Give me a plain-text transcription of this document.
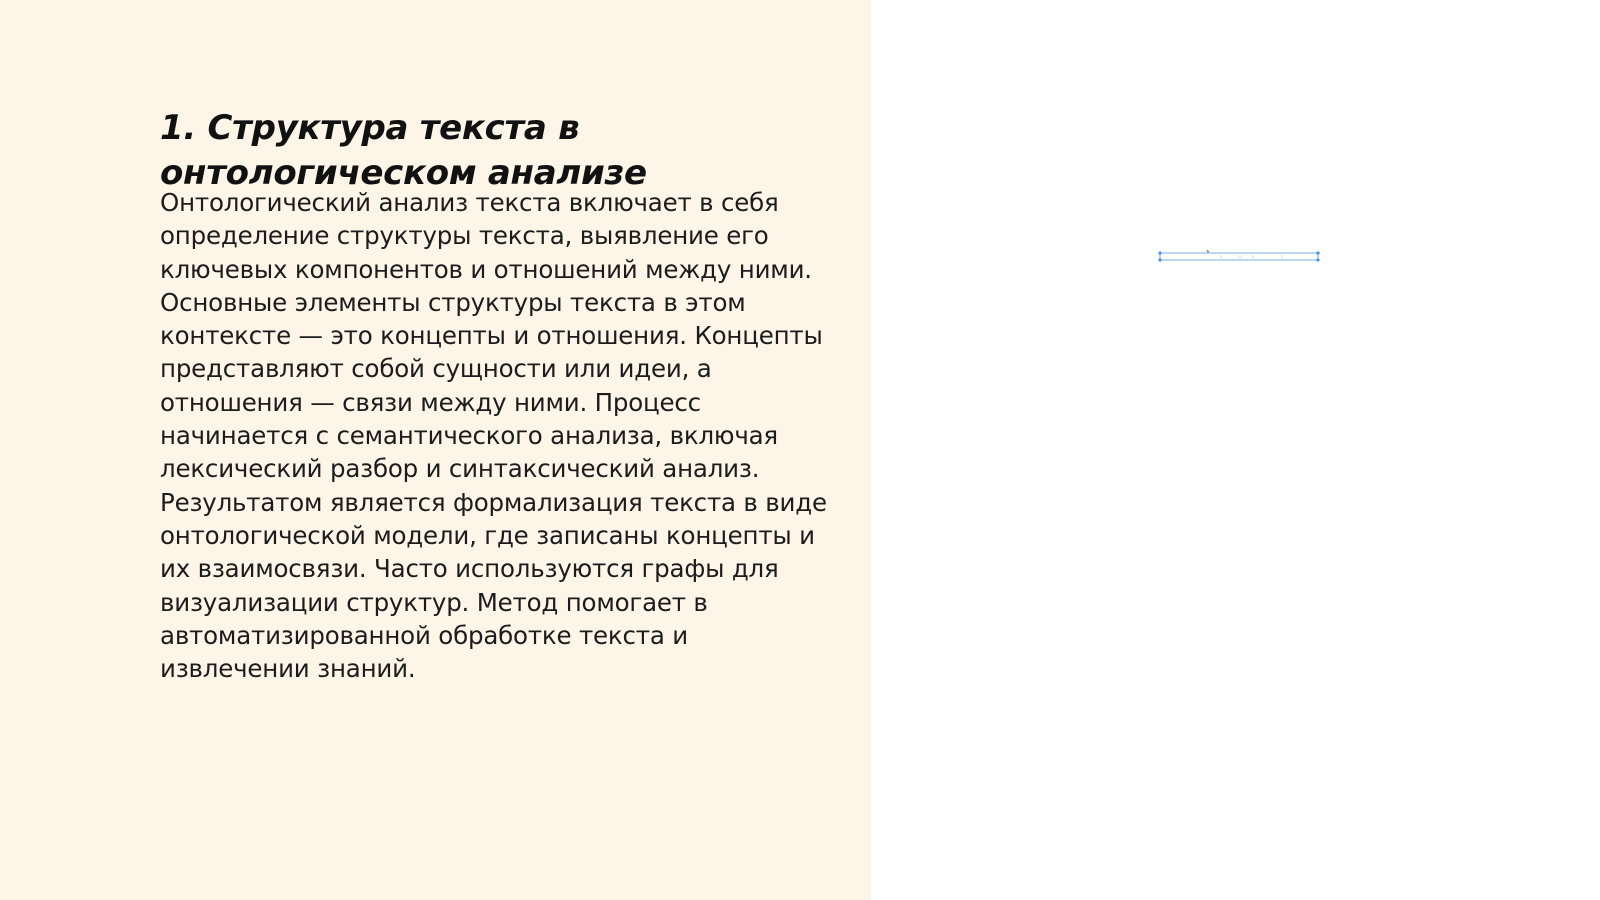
1. Структура текста в онтологическом анализе

Онтологический анализ текста включает в себя определение структуры текста, выявление его ключевых компонентов и отношений между ними. Основные элементы структуры текста в этом контексте — это концепты и отношения. Концепты представляют собой сущности или идеи, а отношения — связи между ними. Процесс начинается с семантического анализа, включая лексический разбор и синтаксический анализ. Результатом является формализация текста в виде онтологической модели, где записаны концепты и их взаимосвязи. Часто используются графы для визуализации структур. Метод помогает в автоматизированной обработке текста и извлечении знаний.
